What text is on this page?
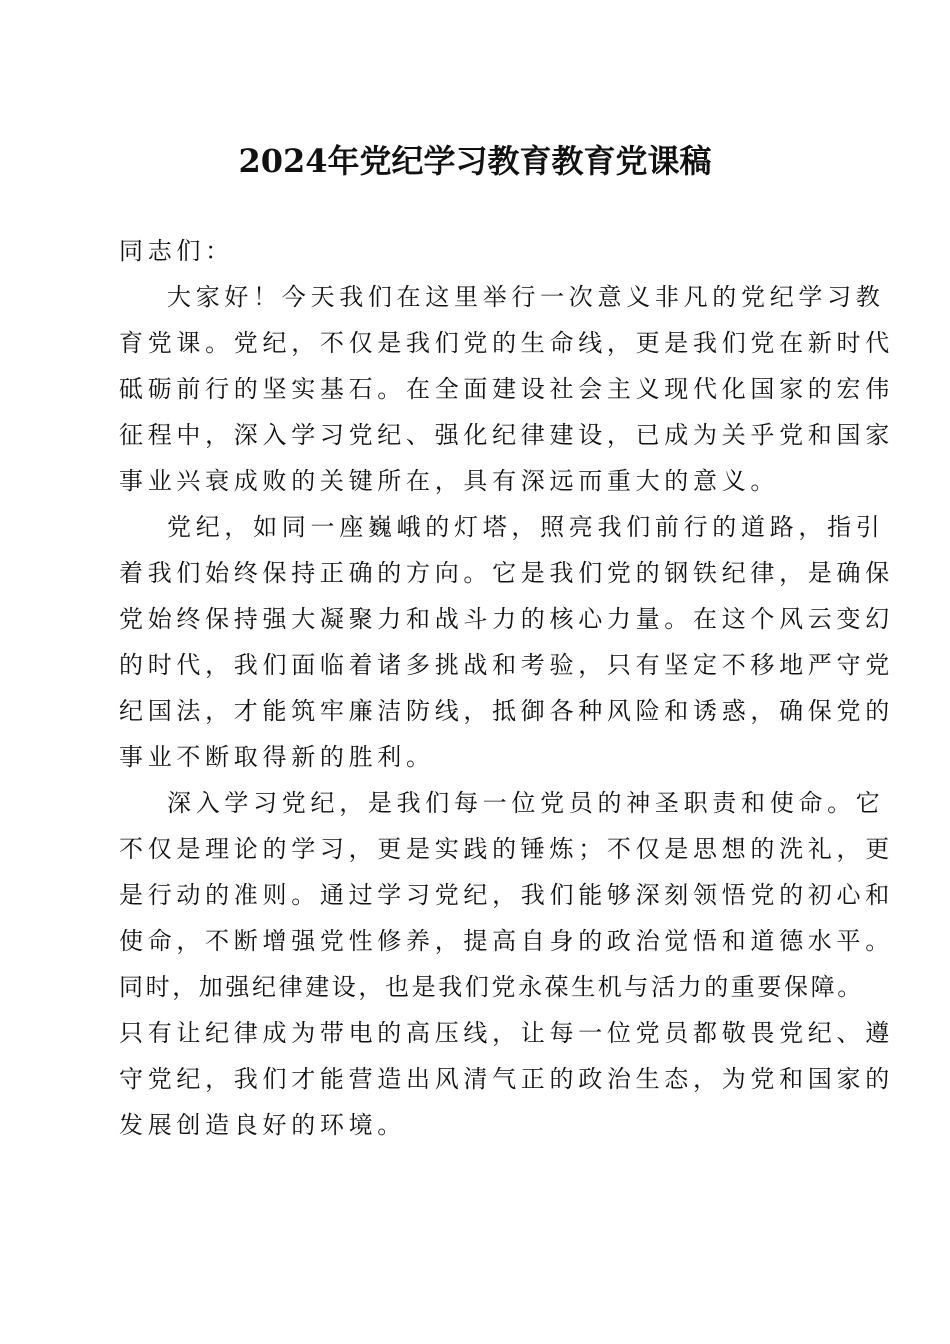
2024年党纪学习教育教育党课稿
同志们：
大家好！今天我们在这里举行一次意义非凡的党纪学习教
育党课。党纪，不仅是我们党的生命线，更是我们党在新时代
砥砺前行的坚实基石。在全面建设社会主义现代化国家的宏伟
征程中，深入学习党纪、强化纪律建设，已成为关乎党和国家
事业兴衰成败的关键所在，具有深远而重大的意义。
党纪，如同一座巍峨的灯塔，照亮我们前行的道路，指引
着我们始终保持正确的方向。它是我们党的钢铁纪律，是确保
党始终保持强大凝聚力和战斗力的核心力量。在这个风云变幻
的时代，我们面临着诸多挑战和考验，只有坚定不移地严守党
纪国法，才能筑牢廉洁防线，抵御各种风险和诱惑，确保党的
事业不断取得新的胜利。
深入学习党纪，是我们每一位党员的神圣职责和使命。它
不仅是理论的学习，更是实践的锤炼；不仅是思想的洗礼，更
是行动的准则。通过学习党纪，我们能够深刻领悟党的初心和
使命，不断增强党性修养，提高自身的政治觉悟和道德水平。
同时，加强纪律建设，也是我们党永葆生机与活力的重要保障。
只有让纪律成为带电的高压线，让每一位党员都敬畏党纪、遵
守党纪，我们才能营造出风清气正的政治生态，为党和国家的
发展创造良好的环境。
